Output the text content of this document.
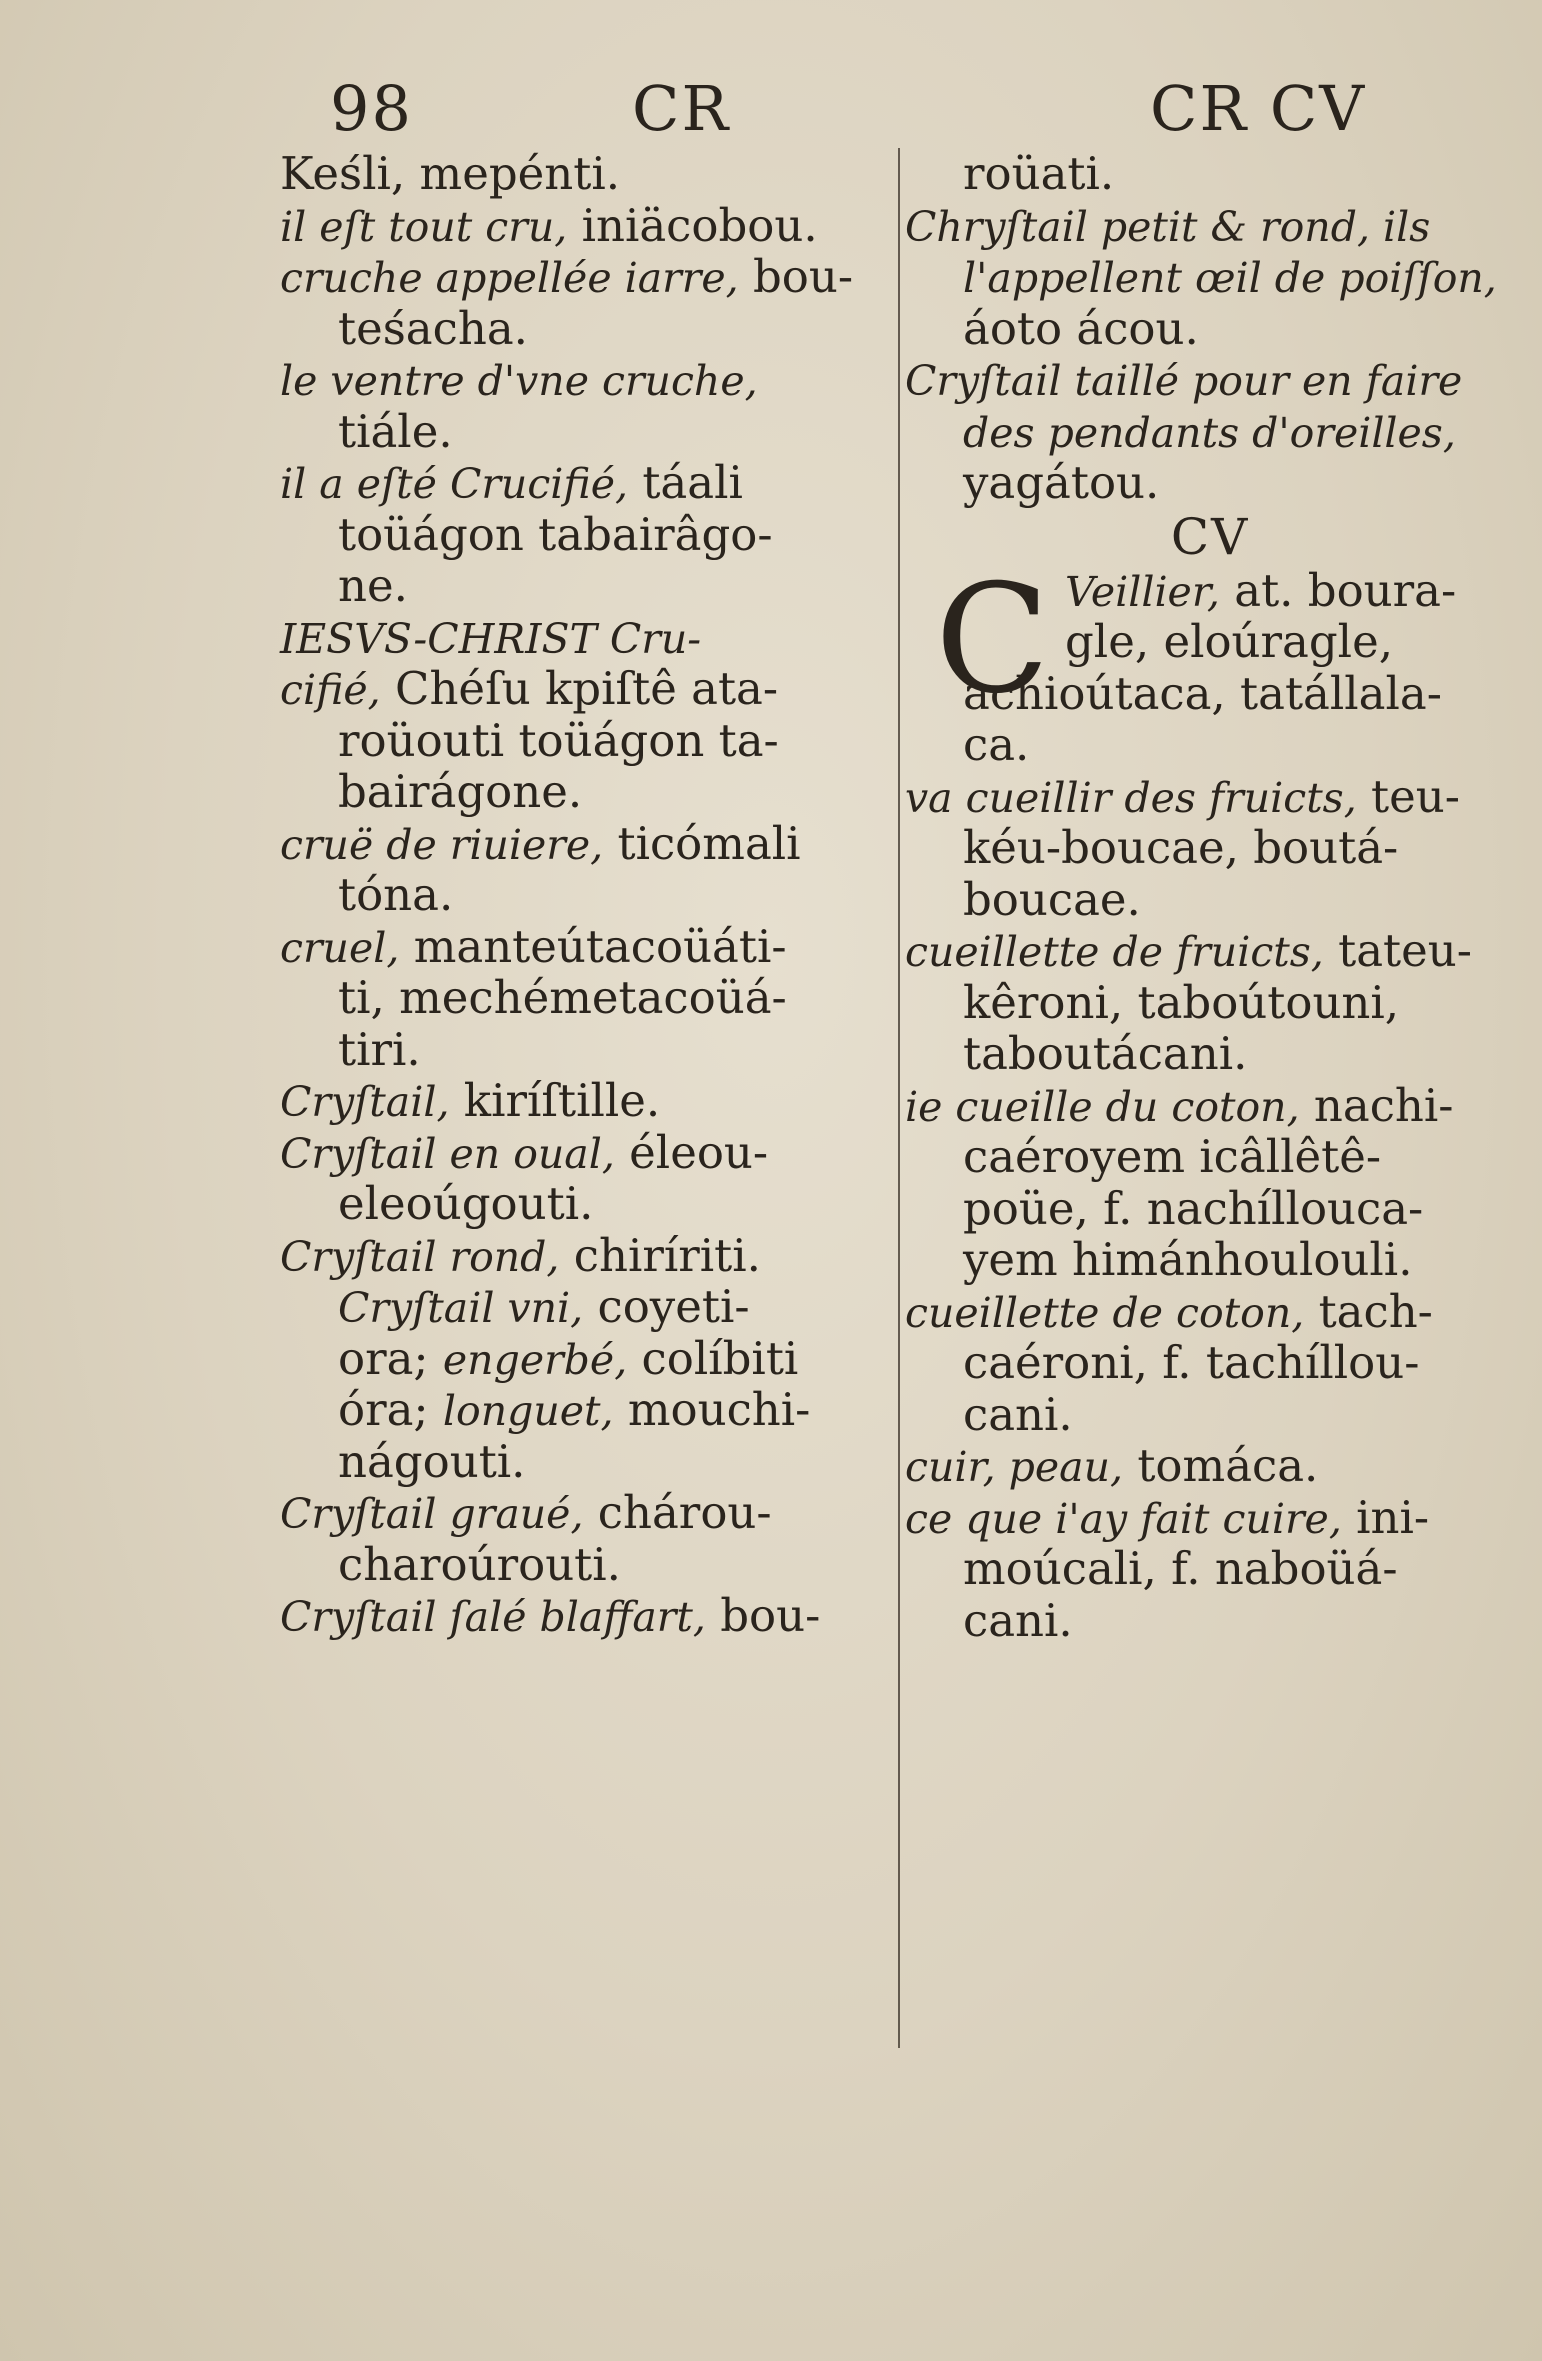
98	CR	CR CV
Keśli, mepénti.
il eſt tout cru, iniäcobou.
cruche appellée iarre, bou-
teśacha.
le ventre d'vne cruche,
tiále.
il a eſté Crucifié, táali
toüágon tabairâgo-
ne.
IESVS-CHRIST Cru-
cifié, Chéſu kpiſtê ata-
roüouti toüágon ta-
bairágone.
cruë de riuiere, ticómali
tóna.
cruel, manteútacoüáti-
ti, mechémetacoüá-
tiri.
Cryſtail, kiríſtille.
Cryſtail en oual, éleou-
eleoúgouti.
Cryſtail rond, chiríriti.
Cryſtail vni, coyeti-
ora; engerbé, colíbiti
óra; longuet, mouchi-
nágouti.
Cryſtail graué, chárou-
charoúrouti.
Cryſtail ſalé blaffart, bou-
roüati.
Chryſtail petit & rond, ils
l'appellent œil de poiſſon,
áoto ácou.
Cryſtail taillé pour en faire
des pendants d'oreilles,
yagátou.
CV
C Veillier, at. boura-
gle, eloúragle,
achioútaca, tatállala-
ca.
va cueillir des fruicts, teu-
kéu-boucae, boutá-
boucae.
cueillette de fruicts, tateu-
kêroni, taboútouni,
taboutácani.
ie cueille du coton, nachi-
caéroyem icâllêtê-
poüe, f. nachíllouca-
yem himánhoulouli.
cueillette de coton, tach-
caéroni, f. tachíllou-
cani.
cuir, peau, tomáca.
ce que i'ay fait cuire, ini-
moúcali, f. naboüá-
cani.
